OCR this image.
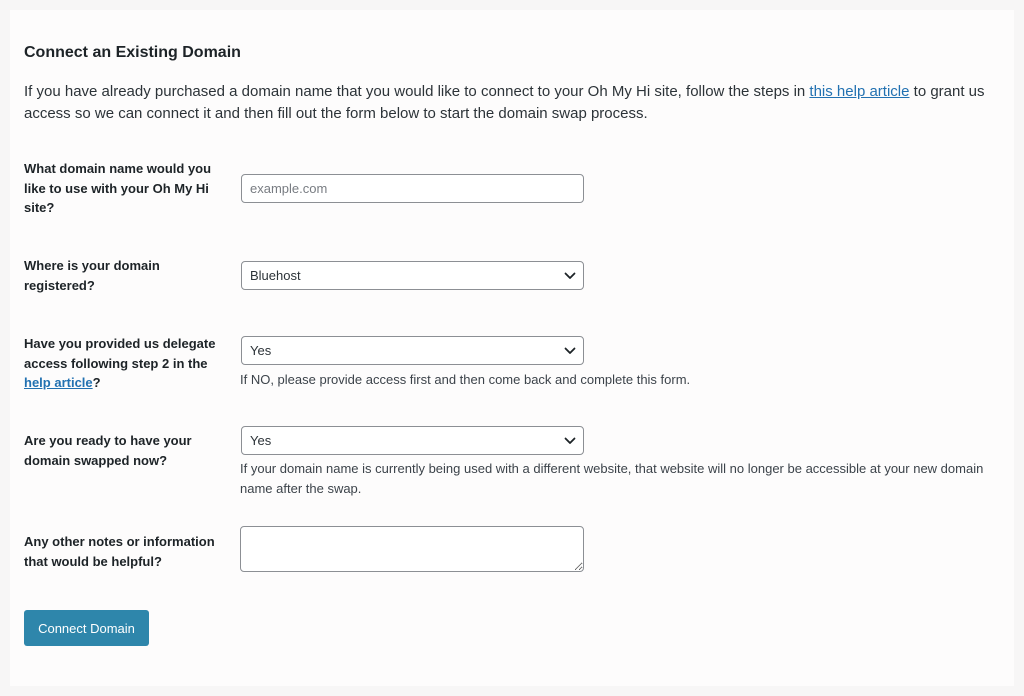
Connect an Existing Domain

If you have already purchased a domain name that you would like to connect to your Oh My Hi site, follow the steps in this help article to grant us access so we can connect it and then fill out the form below to start the domain swap process.

What domain name would you like to use with your Oh My Hi site?
example.com
Where is your domain registered?
Bluehost
Have you provided us delegate access following step 2 in the help article?
Yes
If NO, please provide access first and then come back and complete this form.
Are you ready to have your domain swapped now?
Yes
If your domain name is currently being used with a different website, that website will no longer be accessible at your new domain name after the swap.
Any other notes or information that would be helpful?
Connect Domain
